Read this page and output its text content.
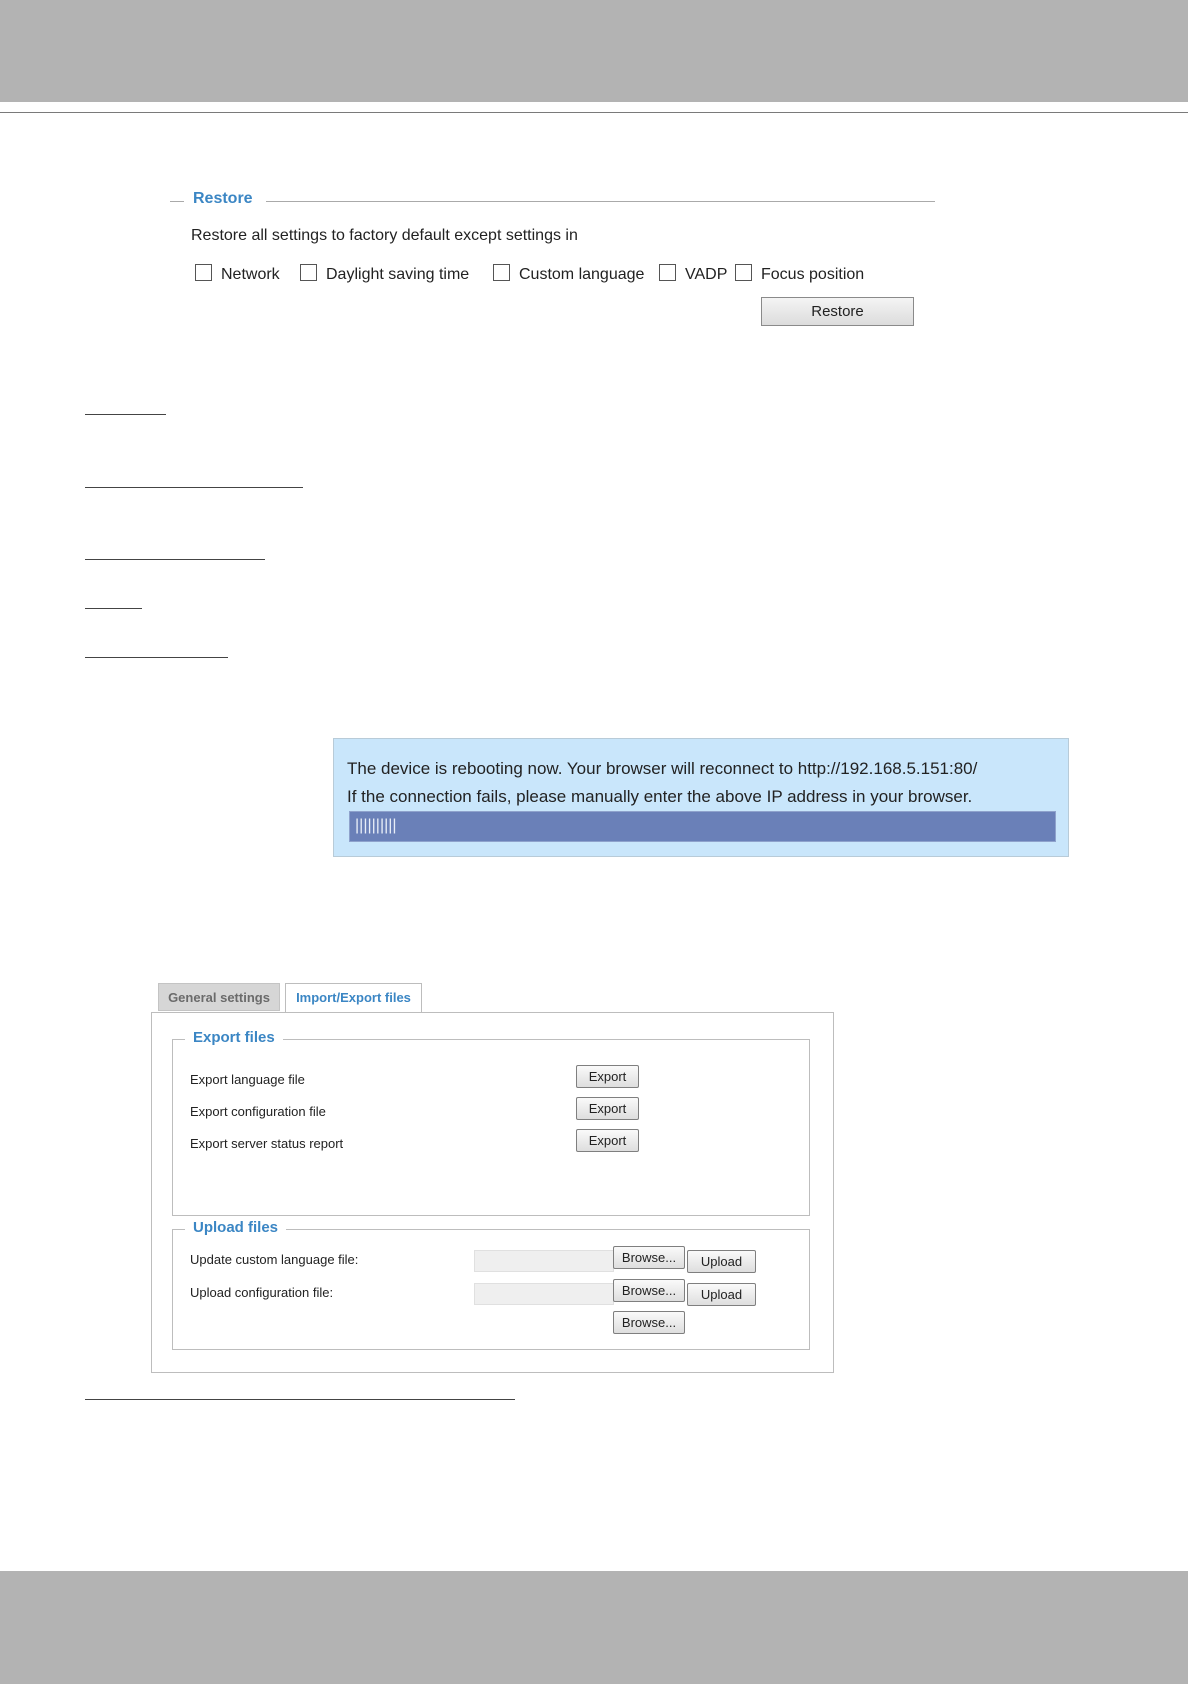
Restore
Restore all settings to factory default except settings in
Network	Daylight saving time	Custom language	VADP	Focus position
Restore
The device is rebooting now. Your browser will reconnect to http://192.168.5.151:80/
If the connection fails, please manually enter the above IP address in your browser.
||||||||||
General settings	Import/Export files
Export files
Export language file	Export
Export configuration file	Export
Export server status report	Export
Upload files
Update custom language file:	Browse...	Upload
Upload configuration file:	Browse...	Upload
Browse...
